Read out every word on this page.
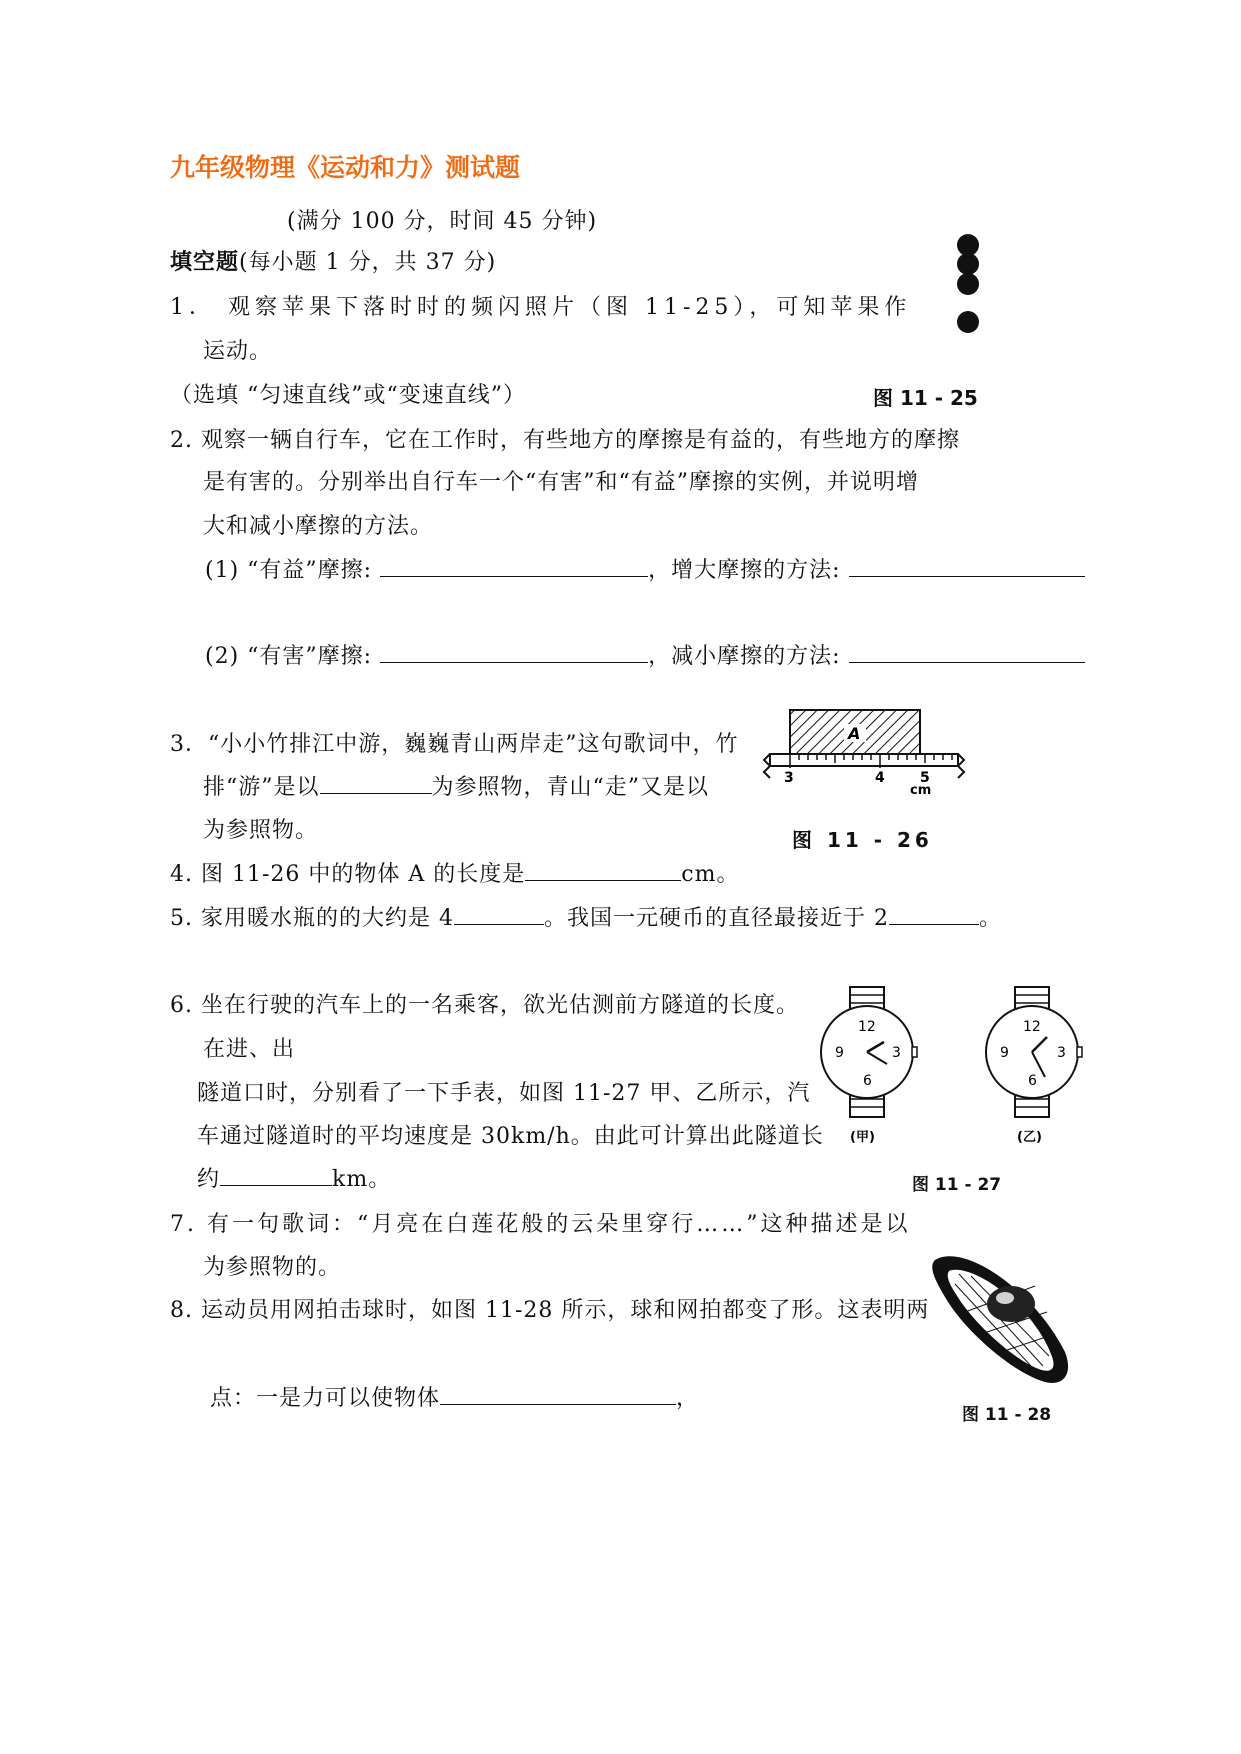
九年级物理《运动和力》测试题
(满分 100 分，时间 45 分钟)
填空题(每小题 1 分，共 37 分)
1． 观察苹果下落时时的频闪照片（图 11-25），可知苹果作
运动。
（选填 “匀速直线”或“变速直线”）	图 11 - 25
2. 观察一辆自行车，它在工作时，有些地方的摩擦是有益的，有些地方的摩擦
是有害的。分别举出自行车一个“有害”和“有益”摩擦的实例，并说明增
大和减小摩擦的方法。
(1) “有益”摩擦:	，增大摩擦的方法:
(2) “有害”摩擦:	，减小摩擦的方法:
3．“小小竹排江中游，巍巍青山两岸走”这句歌词中，竹
排“游”是以	为参照物，青山“走”又是以
为参照物。
A
3	4	5
cm
图 11 - 26
4. 图 11-26 中的物体 A 的长度是	cm。
5. 家用暖水瓶的的大约是 4	。我国一元硬币的直径最接近于 2	。
6. 坐在行驶的汽车上的一名乘客，欲光估测前方隧道的长度。
在进、出
隧道口时，分别看了一下手表，如图 11-27 甲、乙所示，汽
车通过隧道时的平均速度是 30km/h。由此可计算出此隧道长
约	km。
12
3
6
9
(甲)
12
3
6
9
(乙)
图 11 - 27
7. 有一句歌词：“月亮在白莲花般的云朵里穿行……”这种描述是以
为参照物的。
8. 运动员用网拍击球时，如图 11-28 所示，球和网拍都变了形。这表明两
点：一是力可以使物体	，
图 11 - 28
